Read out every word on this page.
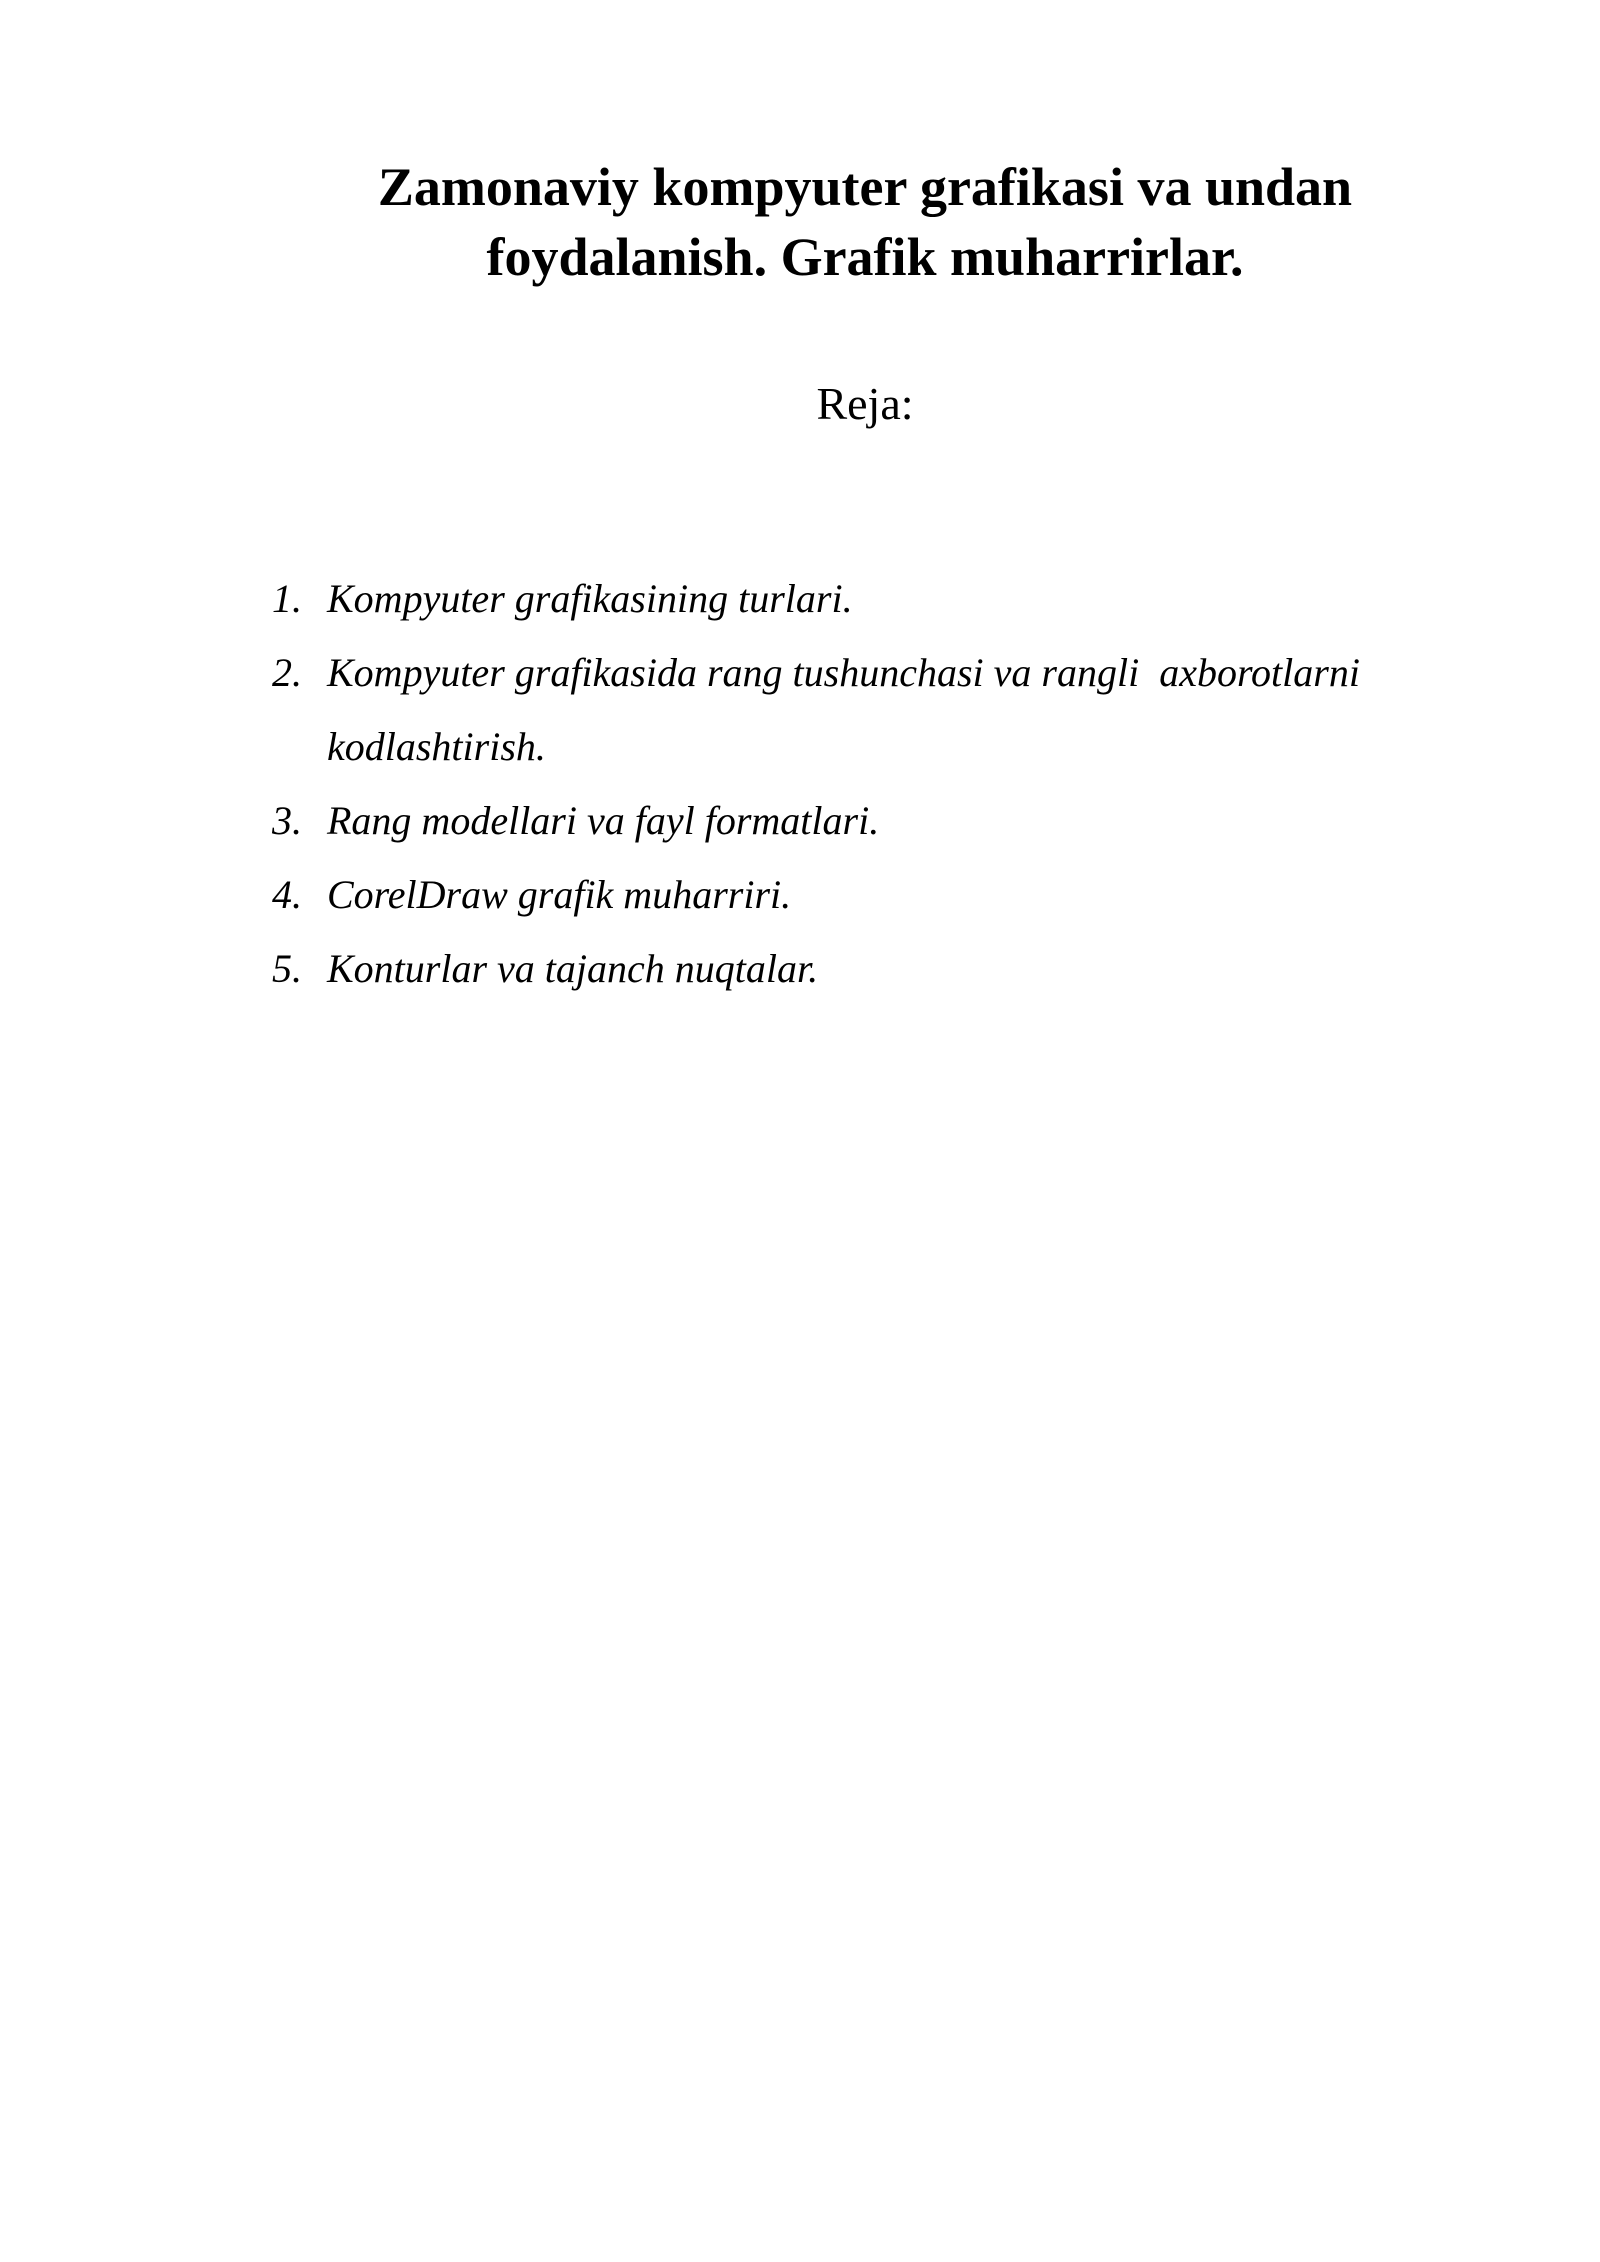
Zamonaviy kompyuter grafikasi va undan foydalanish. Grafik muharrirlar.
Reja:
1. Kompyuter grafikasining turlari.
2. Kompyuter grafikasida rang tushunchasi va rangli  axborotlarni kodlashtirish.
3. Rang modellari va fayl formatlari.
4. CorelDraw grafik muharriri.
5. Konturlar va tajanch nuqtalar.
